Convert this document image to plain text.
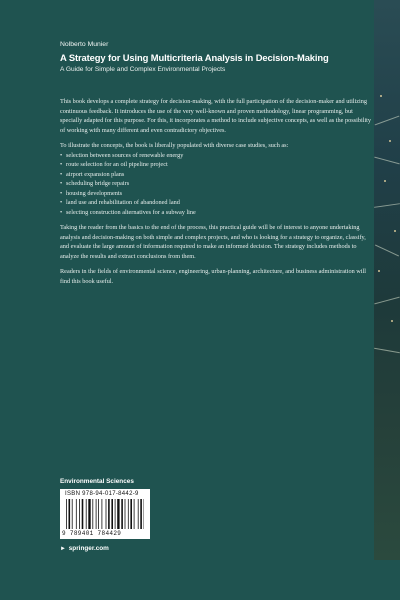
Nolberto Munier
A Strategy for Using Multicriteria Analysis in Decision-Making
A Guide for Simple and Complex Environmental Projects

This book develops a complete strategy for decision-making, with the full participation of the decision-maker and utilizing continuous feedback. It introduces the use of the very well-known and proven methodology, linear programming, but specially adapted for this purpose. For this, it incorporates a method to include subjective concepts, as well as the possibility of working with many different and even contradictory objectives.

To illustrate the concepts, the book is liberally populated with diverse case studies, such as:

• selection between sources of renewable energy
• route selection for an oil pipeline project
• airport expansion plans
• scheduling bridge repairs
• housing developments
• land use and rehabilitation of abandoned land
• selecting construction alternatives for a subway line

Taking the reader from the basics to the end of the process, this practical guide will be of interest to anyone undertaking analysis and decision-making on both simple and complex projects, and who is looking for a strategy to organize, classify, and evaluate the large amount of information required to make an informed decision. The strategy includes methods to analyze the results and extract conclusions from them.

Readers in the fields of environmental science, engineering, urban-planning, architecture, and business administration will find this book useful.

Environmental Sciences
ISBN 978-94-017-8442-9
9 789401 784429
► springer.com
